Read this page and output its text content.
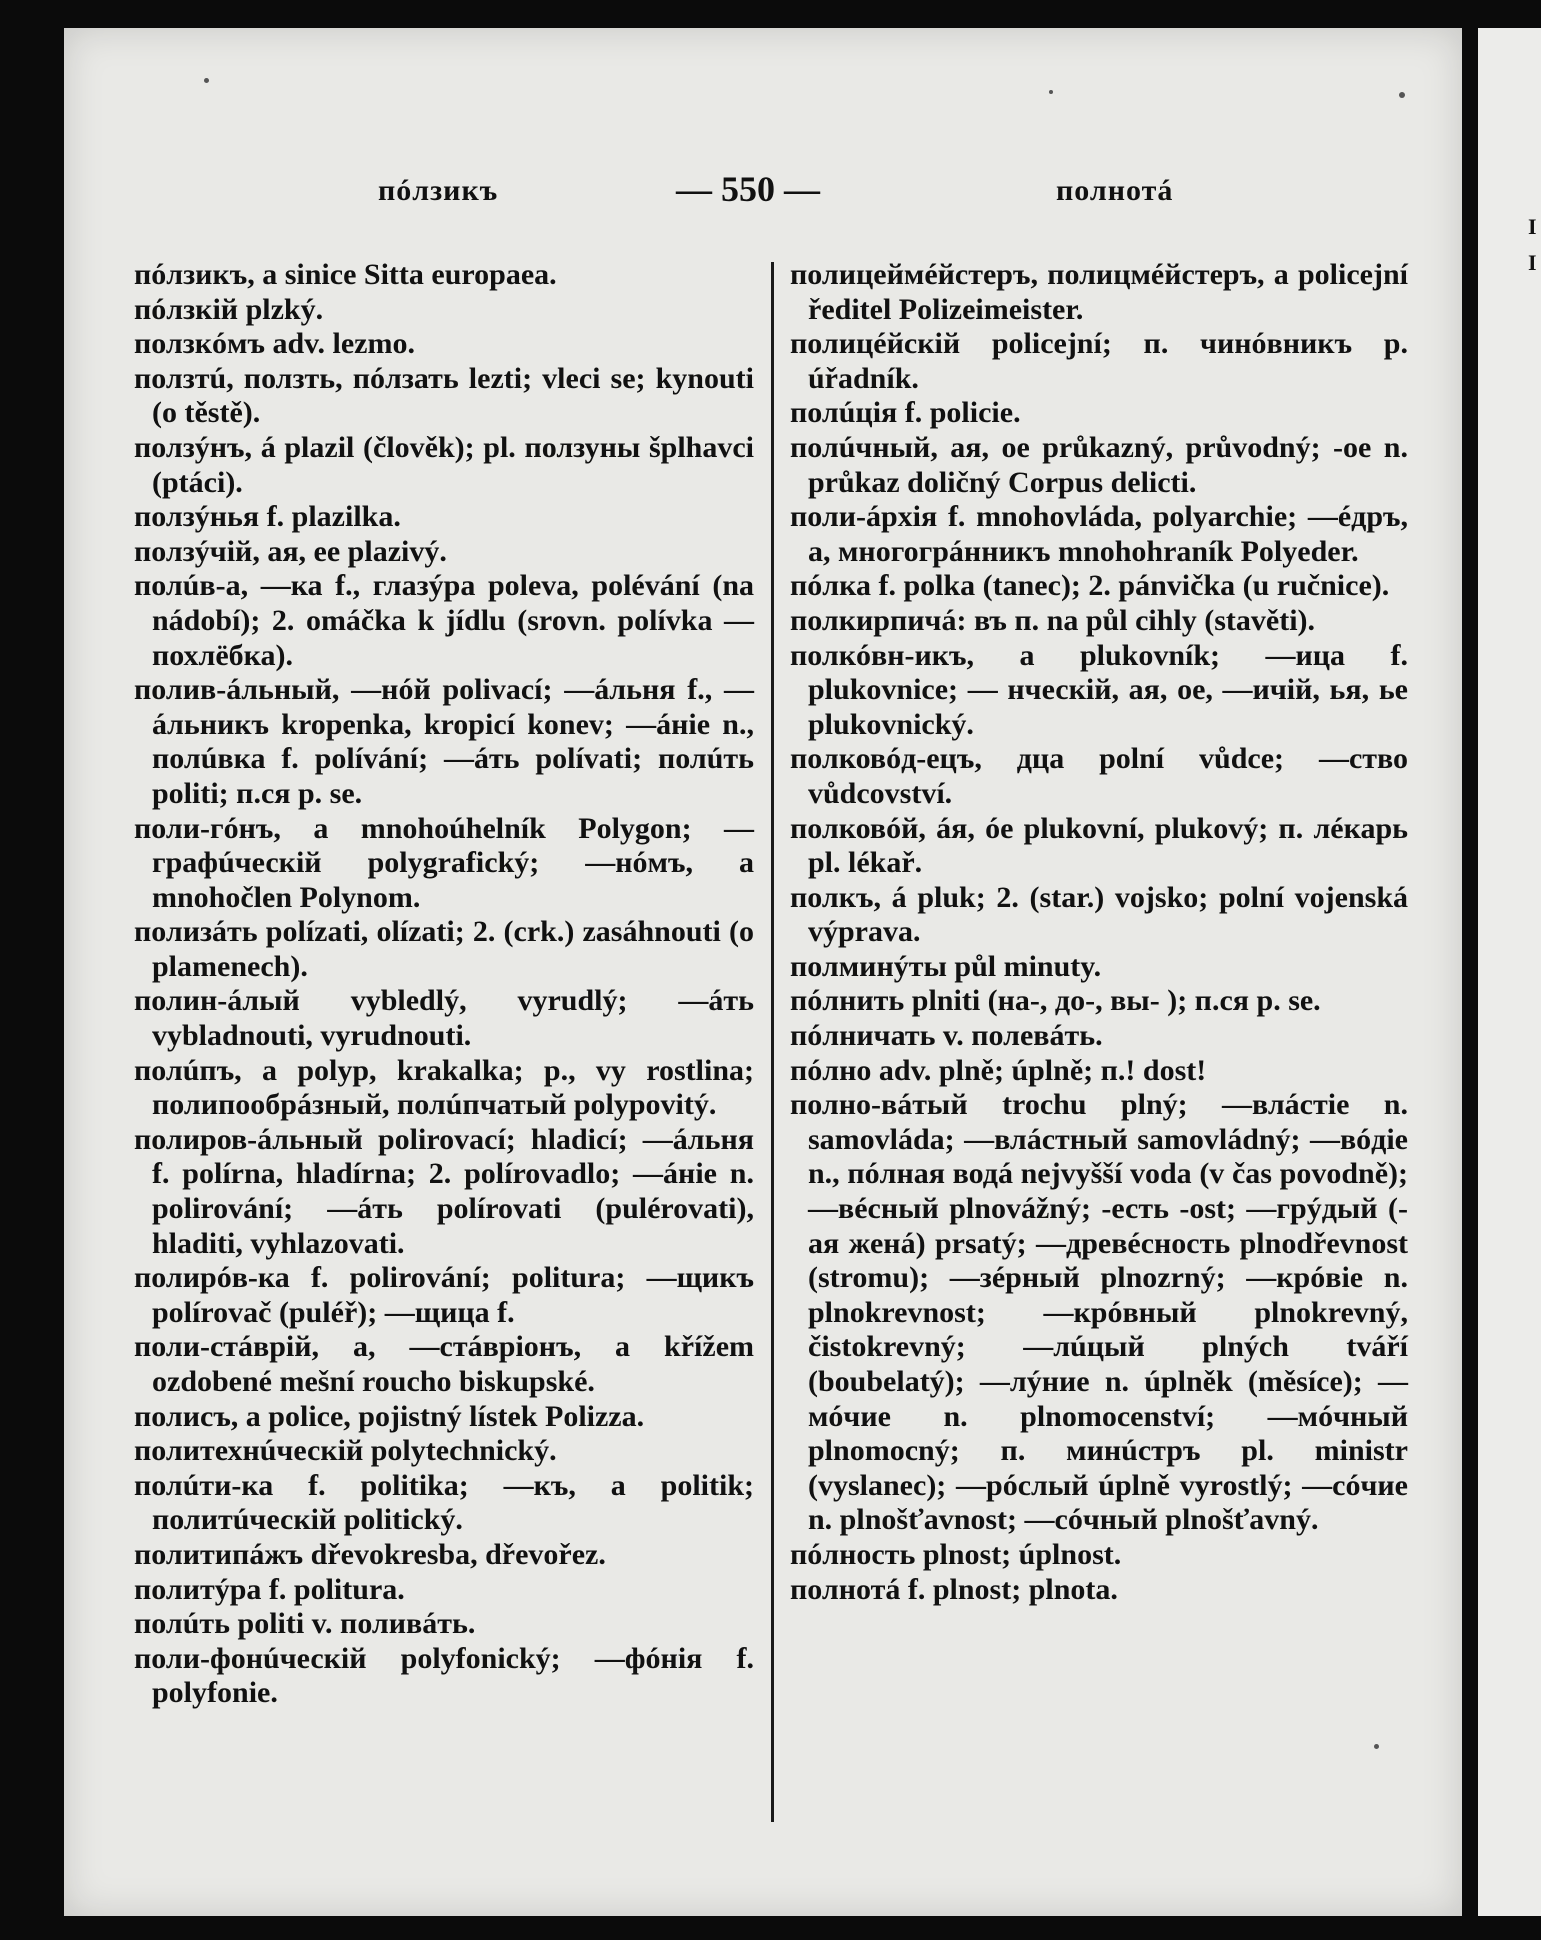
пóлзикъ	— 550 —	полнотá

пóлзикъ, a sinice Sitta europaea.

пóлзкій plzký.

ползкóмъ adv. lezmo.

ползтú, ползть, пóлзать lezti; vleci se; kynouti (o těstě).

ползýнъ, á plazil (člověk); pl. ползуны šplhavci (ptáci).

ползýнья f. plazilka.

ползýчій, ая, ее plazivý.

полúв-а, —ка f., глазýра poleva, polévání (na nádobí); 2. omáčka k jídlu (srovn. polívka —похлёбка).

полив-áльный, —нóй polivací; —áльня f., —áльникъ kropenka, kropicí konev; —áніе n., полúвка f. polívání; —áть polívati; полúть politi; п.ся р. se.

поли-гóнъ, a mnohoúhelník Polygon; —графúческій polygrafický; —нóмъ, a mnohočlen Polynom.

полизáть polízati, olízati; 2. (crk.) zasáhnouti (o plamenech).

полин-áлый vybledlý, vyrudlý; —áть vybladnouti, vyrudnouti.

полúпъ, a polyp, krakalka; p., vy rostlina; полипообрáзный, полúпчатый polypovitý.

полиров-áльный polirovací; hladicí; —áльня f. polírna, hladírna; 2. polírovadlo; —áніе n. polirování; —áть polírovati (pulérovati), hladiti, vyhlazovati.

полирóв-ка f. polirování; politura; —щикъ polírovač (puléř); —щица f.

поли-стáврій, a, —стáврiонъ, a křížem ozdobené mešní roucho biskupské.

полисъ, a police, pojistný lístek Polizza.

политехнúческій polytechnický.

полúти-ка f. politika; —къ, a politik; политúческій politický.

политипáжъ dřevokresba, dřevořez.

политýра f. politura.

полúть politi v. поливáть.

поли-фонúческій polyfonický; —фóнія f. polyfonie.

полицеймéйстеръ, полицмéйстеръ, a policejní ředitel Polizeimeister.

полицéйскій policejní; п. чинóвникъ p. úřadník.

полúція f. policie.

полúчный, ая, ое průkazný, průvodný; -ое n. průkaz doličný Corpus delicti.

поли-áрхія f. mnohovláda, polyarchie; —éдръ, a, многогрáнникъ mnohohraník Polyeder.

пóлка f. polka (tanec); 2. pánvička (u ručnice).

полкирпичá: въ п. na půl cihly (stavěti).

полкóвн-икъ, a plukovník; —ица f. plukovnice; — нческій, ая, ое, —ичій, ья, ье plukovnický.

полковóд-ецъ, дца polní vůdce; —ство vůdcovství.

полковóй, áя, óе plukovní, plukový; п. лéкарь pl. lékař.

полкъ, á pluk; 2. (star.) vojsko; polní vojenská výprava.

полминýты půl minuty.

пóлнить plniti (на-, до-, вы- ); п.ся р. se.

пóлничать v. полевáть.

пóлно adv. plně; úplně; п.! dost!

полно-вáтый trochu plný; —влáстie n. samovláda; —влáстный samovládný; —вóдie n., пóлная водá nejvyšší voda (v čas povodně); —вéсный plnovážný; -есть -ost; —грýдый (-ая женá) prsatý; —древéсность plnodřevnost (stromu); —зéрный plnozrný; —крóвie n. plnokrevnost; —крóвный plnokrevný, čistokrevný; —лúцый plných tváří (boubelatý); —лýние n. úplněk (měsíce); —мóчие n. plnomocenství; —мóчный plnomocný; п. минúстръ pl. ministr (vyslanec); —рóслый úplně vyrostlý; —сóчие n. plnošťavnost; —сóчный plnošťavný.

пóлность plnost; úplnost.

полнотá f. plnost; plnota.

I
I
